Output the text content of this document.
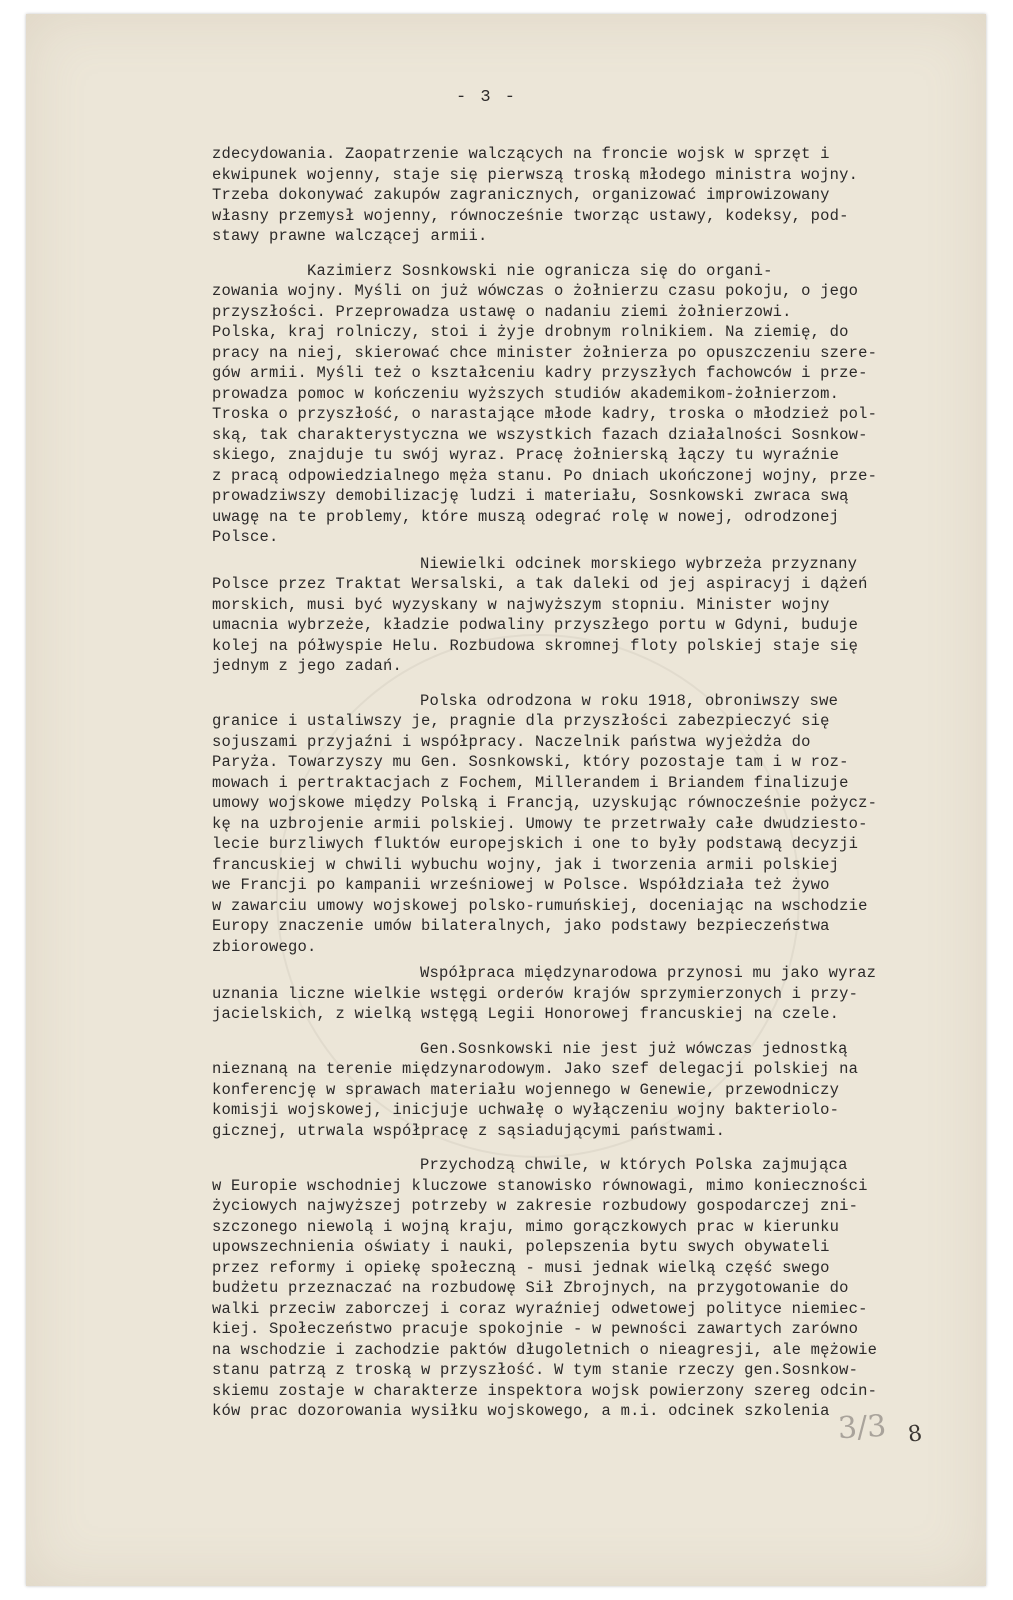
- 3 -
zdecydowania. Zaopatrzenie walczących na froncie wojsk w sprzęt i
ekwipunek wojenny, staje się pierwszą troską młodego ministra wojny.
Trzeba dokonywać zakupów zagranicznych, organizować improwizowany
własny przemysł wojenny, równocześnie tworząc ustawy, kodeksy, pod-
stawy prawne walczącej armii.
Kazimierz Sosnkowski nie ogranicza się do organi-
zowania wojny. Myśli on już wówczas o żołnierzu czasu pokoju, o jego
przyszłości. Przeprowadza ustawę o nadaniu ziemi żołnierzowi.
Polska, kraj rolniczy, stoi i żyje drobnym rolnikiem. Na ziemię, do
pracy na niej, skierować chce minister żołnierza po opuszczeniu szere-
gów armii. Myśli też o kształceniu kadry przyszłych fachowców i prze-
prowadza pomoc w kończeniu wyższych studiów akademikom-żołnierzom.
Troska o przyszłość, o narastające młode kadry, troska o młodzież pol-
ską, tak charakterystyczna we wszystkich fazach działalności Sosnkow-
skiego, znajduje tu swój wyraz. Pracę żołnierską łączy tu wyraźnie
z pracą odpowiedzialnego męża stanu. Po dniach ukończonej wojny, prze-
prowadziwszy demobilizację ludzi i materiału, Sosnkowski zwraca swą
uwagę na te problemy, które muszą odegrać rolę w nowej, odrodzonej
Polsce.
Niewielki odcinek morskiego wybrzeża przyznany
Polsce przez Traktat Wersalski, a tak daleki od jej aspiracyj i dążeń
morskich, musi być wyzyskany w najwyższym stopniu. Minister wojny
umacnia wybrzeże, kładzie podwaliny przyszłego portu w Gdyni, buduje
kolej na półwyspie Helu. Rozbudowa skromnej floty polskiej staje się
jednym z jego zadań.
Polska odrodzona w roku 1918, obroniwszy swe
granice i ustaliwszy je, pragnie dla przyszłości zabezpieczyć się
sojuszami przyjaźni i współpracy. Naczelnik państwa wyjeżdża do
Paryża. Towarzyszy mu Gen. Sosnkowski, który pozostaje tam i w roz-
mowach i pertraktacjach z Fochem, Millerandem i Briandem finalizuje
umowy wojskowe między Polską i Francją, uzyskując równocześnie pożycz-
kę na uzbrojenie armii polskiej. Umowy te przetrwały całe dwudziesto-
lecie burzliwych fluktów europejskich i one to były podstawą decyzji
francuskiej w chwili wybuchu wojny, jak i tworzenia armii polskiej
we Francji po kampanii wrześniowej w Polsce. Współdziała też żywo
w zawarciu umowy wojskowej polsko-rumuńskiej, doceniając na wschodzie
Europy znaczenie umów bilateralnych, jako podstawy bezpieczeństwa
zbiorowego.
Współpraca międzynarodowa przynosi mu jako wyraz
uznania liczne wielkie wstęgi orderów krajów sprzymierzonych i przy-
jacielskich, z wielką wstęgą Legii Honorowej francuskiej na czele.
Gen.Sosnkowski nie jest już wówczas jednostką
nieznaną na terenie międzynarodowym. Jako szef delegacji polskiej na
konferencję w sprawach materiału wojennego w Genewie, przewodniczy
komisji wojskowej, inicjuje uchwałę o wyłączeniu wojny bakteriolo-
gicznej, utrwala współpracę z sąsiadującymi państwami.
Przychodzą chwile, w których Polska zajmująca
w Europie wschodniej kluczowe stanowisko równowagi, mimo konieczności
życiowych najwyższej potrzeby w zakresie rozbudowy gospodarczej zni-
szczonego niewolą i wojną kraju, mimo gorączkowych prac w kierunku
upowszechnienia oświaty i nauki, polepszenia bytu swych obywateli
przez reformy i opiekę społeczną - musi jednak wielką część swego
budżetu przeznaczać na rozbudowę Sił Zbrojnych, na przygotowanie do
walki przeciw zaborczej i coraz wyraźniej odwetowej polityce niemiec-
kiej. Społeczeństwo pracuje spokojnie - w pewności zawartych zarówno
na wschodzie i zachodzie paktów długoletnich o nieagresji, ale mężowie
stanu patrzą z troską w przyszłość. W tym stanie rzeczy gen.Sosnkow-
skiemu zostaje w charakterze inspektora wojsk powierzony szereg odcin-
ków prac dozorowania wysiłku wojskowego, a m.i. odcinek szkolenia 3/3 8
